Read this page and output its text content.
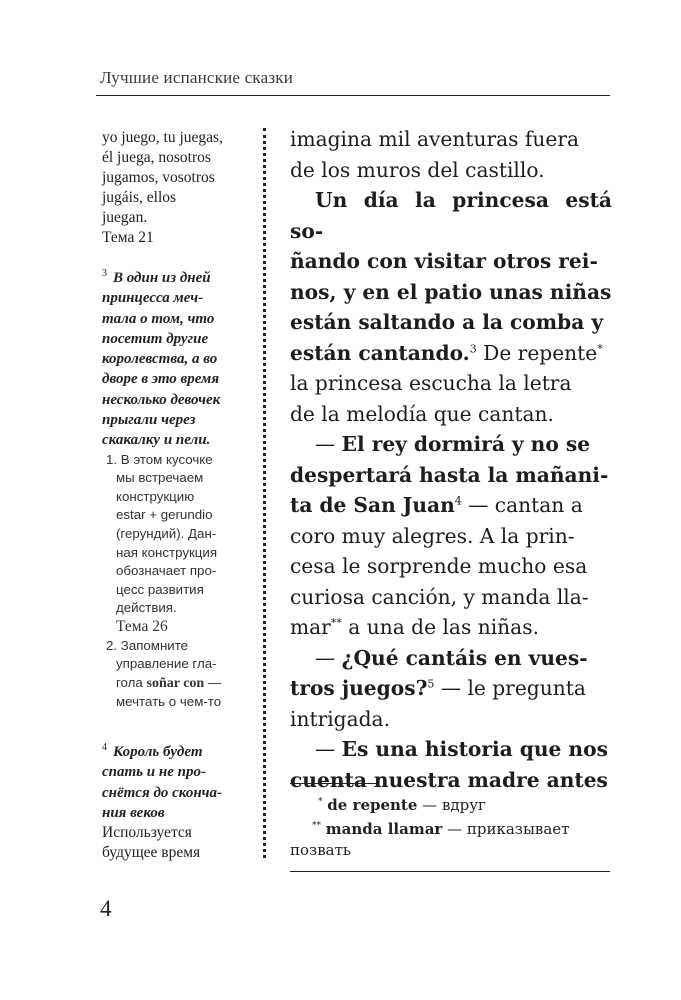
Лучшие испанские сказки

yo juego, tu juegas,

él juega, nosotros

jugamos, vosotros

jugáis, ellos

juegan.

Тема 21

$^3$ В один из дней

принцесса меч-

тала о том, что

посетит другие

королевства, а во

дворе в это время

несколько девочек

прыгали через

скакалку и пели.

1. В этом кусочке

мы встречаем

конструкцию

estar + gerundio

(герундий). Дан-

ная конструкция

обозначает про-

цесс развития

действия.

Тема 26

2. Запомните

управление гла-

гола soñar con —

мечтать о чем-то

$^4$ Король будет

спать и не про-

снётся до сконча-

ния веков

Используется

будущее время

imagina mil aventuras fuera

de los muros del castillo.

Un día la princesa está so-

ñando con visitar otros rei-

nos, y en el patio unas niñas

están saltando a la comba y

están cantando.$^3$ De repente*

la princesa escucha la letra

de la melodía que cantan.

— El rey dormirá y no se

despertará hasta la mañani-

ta de San Juan$^4$ — cantan a

coro muy alegres. A la prin-

cesa le sorprende mucho esa

curiosa canción, y manda lla-

mar** a una de las niñas.

— ¿Qué cantáis en vues-

tros juegos?$^5$ — le pregunta

intrigada.

— Es una historia que nos

cuenta nuestra madre antes

* de repente — вдруг
** manda llamar — приказывает
позвать
4
